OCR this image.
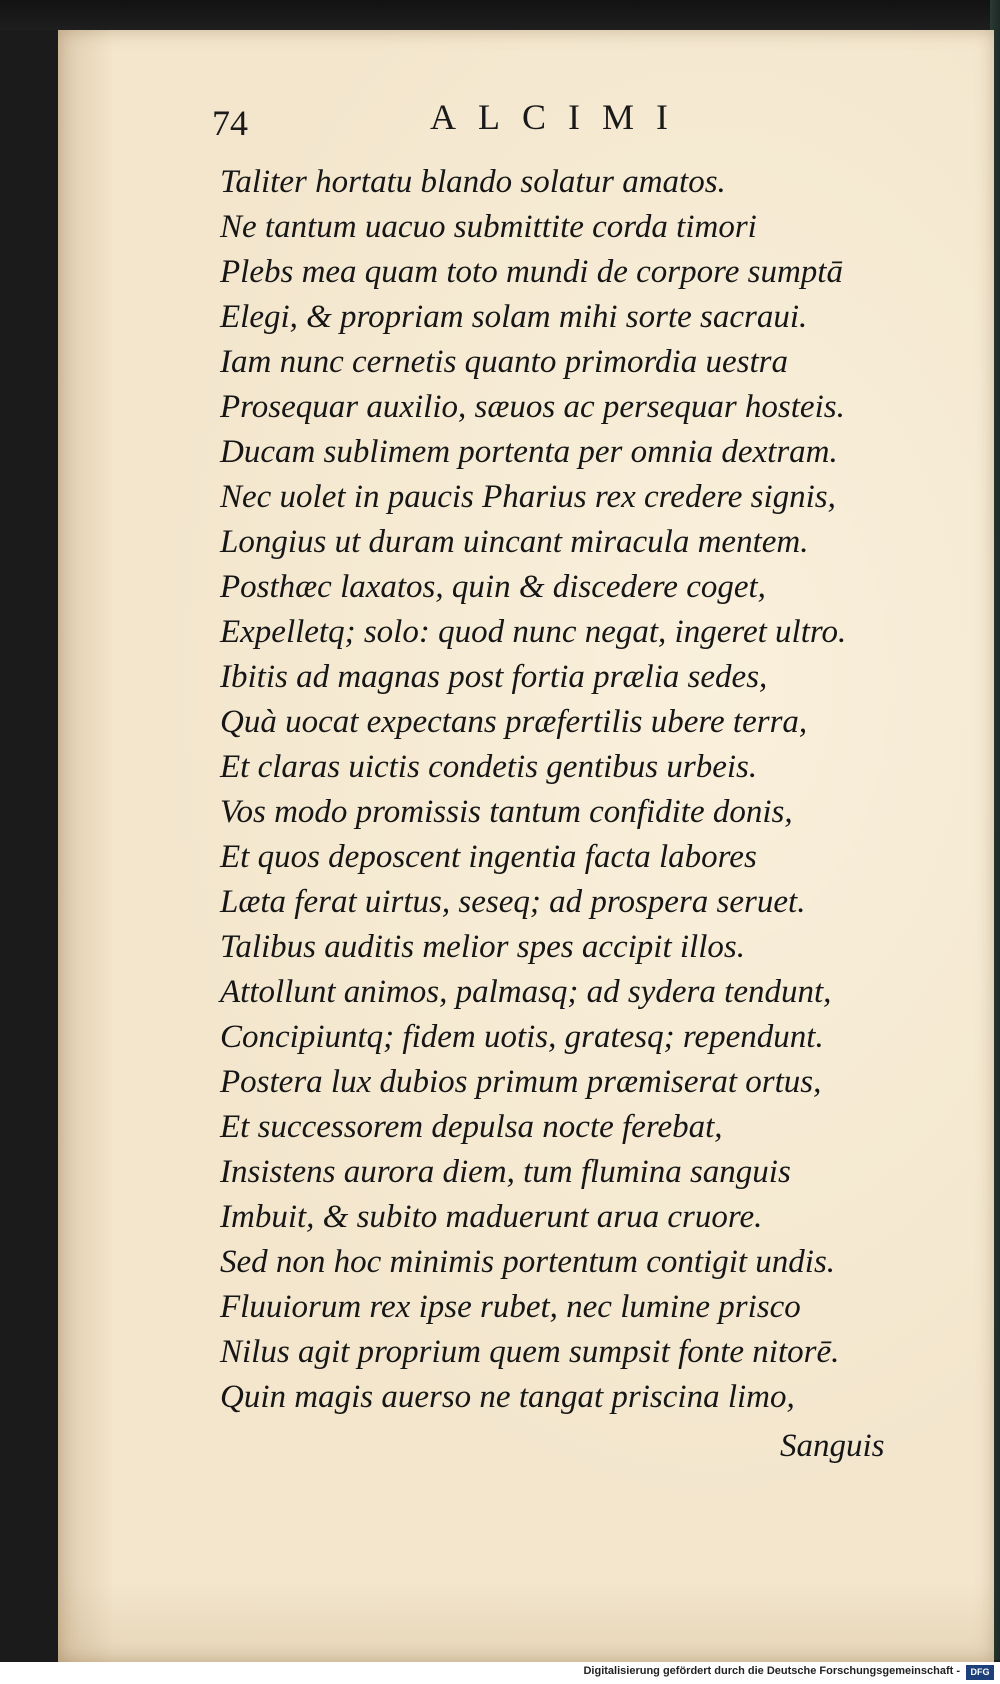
74	ALCIMI
Taliter hortatu blando solatur amatos.
Ne tantum uacuo submittite corda timori
Plebs mea quam toto mundi de corpore sumptā
Elegi, & propriam solam mihi sorte sacraui.
Iam nunc cernetis quanto primordia uestra
Prosequar auxilio, sæuos ac persequar hosteis.
Ducam sublimem portenta per omnia dextram.
Nec uolet in paucis Pharius rex credere signis,
Longius ut duram uincant miracula mentem.
Posthæc laxatos, quin & discedere coget,
Expelletq; solo: quod nunc negat, ingeret ultro.
Ibitis ad magnas post fortia prælia sedes,
Quà uocat expectans præfertilis ubere terra,
Et claras uictis condetis gentibus urbeis.
Vos modo promissis tantum confidite donis,
Et quos deposcent ingentia facta labores
Læta ferat uirtus, seseq; ad prospera seruet.
Talibus auditis melior spes accipit illos.
Attollunt animos, palmasq; ad sydera tendunt,
Concipiuntq; fidem uotis, gratesq; rependunt.
Postera lux dubios primum præmiserat ortus,
Et successorem depulsa nocte ferebat,
Insistens aurora diem, tum flumina sanguis
Imbuit, & subito maduerunt arua cruore.
Sed non hoc minimis portentum contigit undis.
Fluuiorum rex ipse rubet, nec lumine prisco
Nilus agit proprium quem sumpsit fonte nitorē.
Quin magis auerso ne tangat priscina limo,
Sanguis
Digitalisierung gefördert durch die Deutsche Forschungsgemeinschaft -	DFG
